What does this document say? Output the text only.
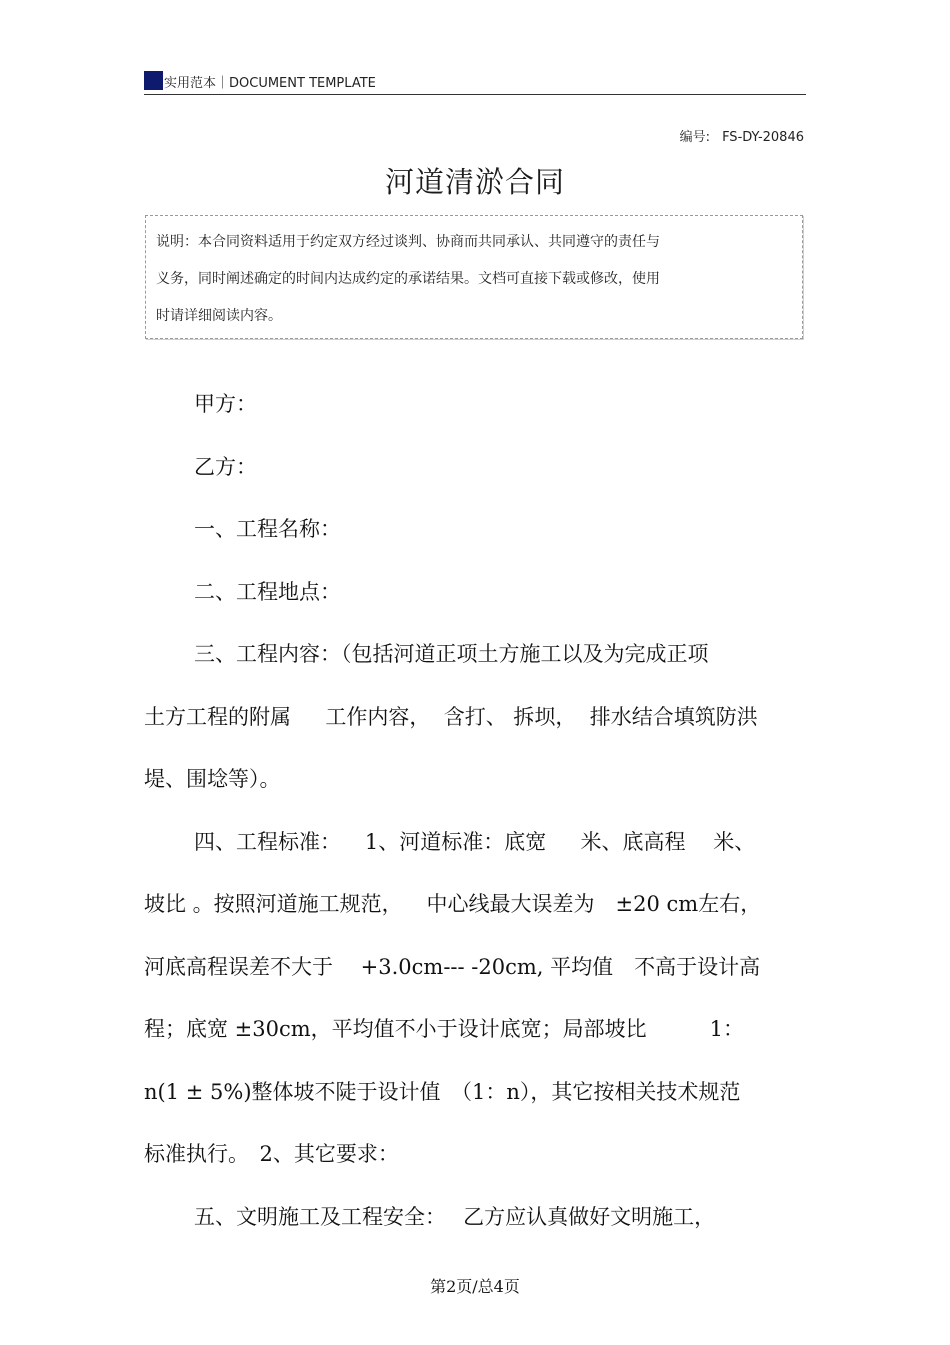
实用范本｜DOCUMENT TEMPLATE
编号: FS-DY-20846
河道清淤合同
说明：本合同资料适用于约定双方经过谈判、协商而共同承认、共同遵守的责任与
义务，同时阐述确定的时间内达成约定的承诺结果。文档可直接下载或修改，使用
时请详细阅读内容。
甲方：
乙方：
一、工程名称：
二、工程地点：
三、工程内容：（包括河道正项土方施工以及为完成正项
土方工程的附属　  工作内容，  含打、 拆坝，  排水结合填筑防洪
堤、围埝等）。
四、工程标准：　  1、河道标准：底宽　  米、底高程　 米、
坡比 。按照河道施工规范，　  中心线最大误差为　±20 cm左右，
河底高程误差不大于　 +3.0cm--- -20cm, 平均值　不高于设计高
程；底宽 ±30cm，平均值不小于设计底宽；局部坡比　　　1：
n(1 ± 5%)整体坡不陡于设计值　（1：n），其它按相关技术规范
标准执行。　2、其它要求：
五、文明施工及工程安全：　 乙方应认真做好文明施工，
第2页/总4页
